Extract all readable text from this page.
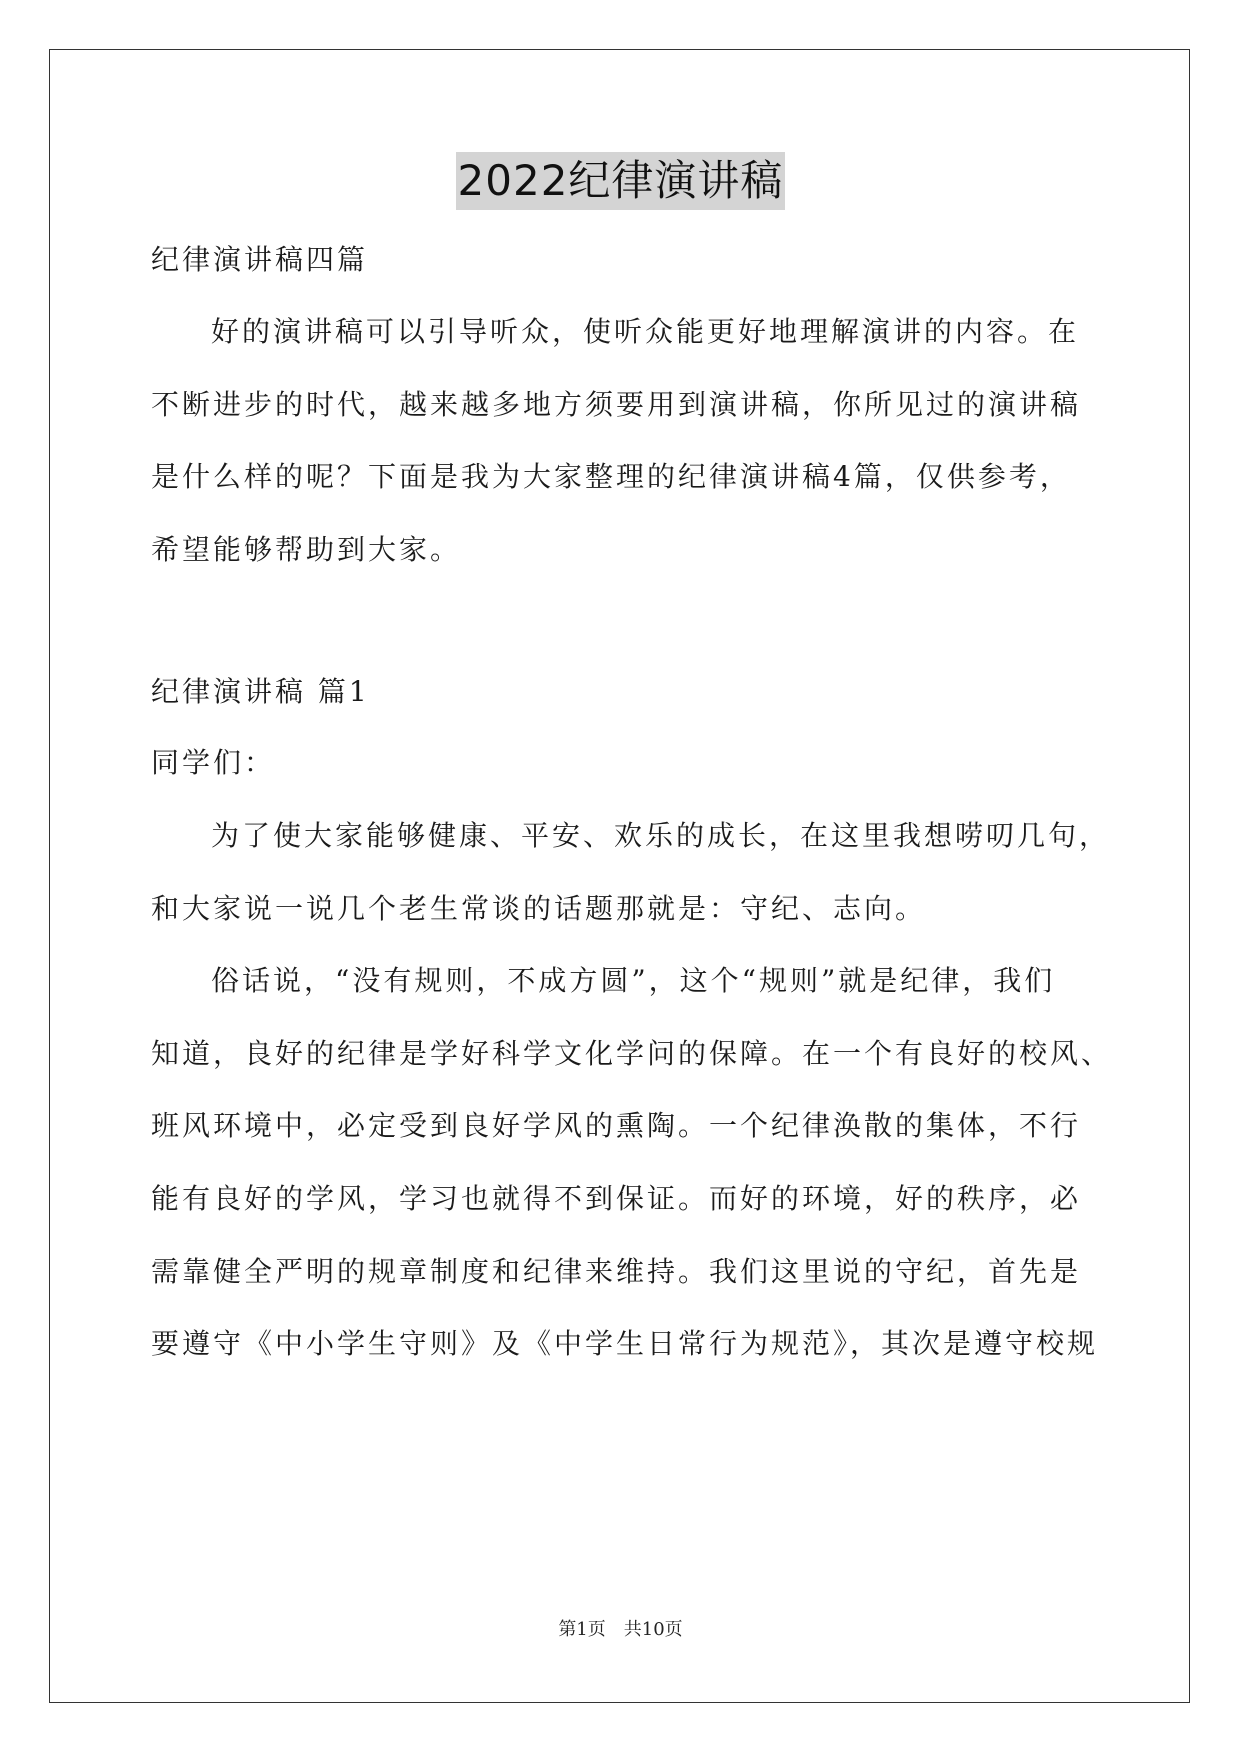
2022纪律演讲稿
纪律演讲稿四篇
好的演讲稿可以引导听众，使听众能更好地理解演讲的内容。在
不断进步的时代，越来越多地方须要用到演讲稿，你所见过的演讲稿
是什么样的呢？下面是我为大家整理的纪律演讲稿4篇，仅供参考，
希望能够帮助到大家。
纪律演讲稿 篇1
同学们：
为了使大家能够健康、平安、欢乐的成长，在这里我想唠叨几句，
和大家说一说几个老生常谈的话题那就是：守纪、志向。
俗话说，“没有规则，不成方圆”，这个“规则”就是纪律，我们
知道，良好的纪律是学好科学文化学问的保障。在一个有良好的校风、
班风环境中，必定受到良好学风的熏陶。一个纪律涣散的集体，不行
能有良好的学风，学习也就得不到保证。而好的环境，好的秩序，必
需靠健全严明的规章制度和纪律来维持。我们这里说的守纪，首先是
要遵守《中小学生守则》及《中学生日常行为规范》，其次是遵守校规
第1页　共10页
